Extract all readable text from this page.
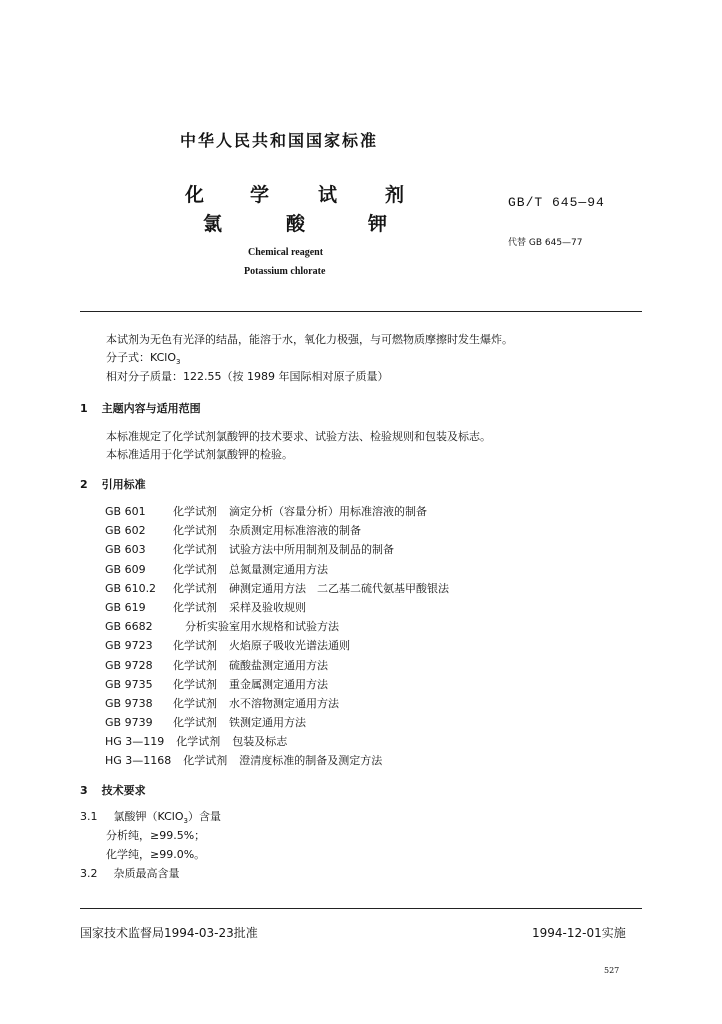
中华人民共和国国家标准
化 学	试	剂
氯	酸	钾
GB/T 645—94
代替 GB 645—77
Chemical reagent
Potassium chlorate
本试剂为无色有光泽的结晶，能溶于水，氧化力极强，与可燃物质摩擦时发生爆炸。
分子式：KClO$_3$
相对分子质量：122.55（按 1989 年国际相对原子质量）
1 主题内容与适用范围
本标准规定了化学试剂氯酸钾的技术要求、试验方法、检验规则和包装及标志。
本标准适用于化学试剂氯酸钾的检验。
2 引用标准
GB 601 化学试剂 滴定分析（容量分析）用标准溶液的制备
GB 602 化学试剂 杂质测定用标准溶液的制备
GB 603 化学试剂 试验方法中所用制剂及制品的制备
GB 609 化学试剂 总氮量测定通用方法
GB 610.2 化学试剂 砷测定通用方法　二乙基二硫代氨基甲酸银法
GB 619 化学试剂 采样及验收规则
GB 6682	分析实验室用水规格和试验方法
GB 9723 化学试剂 火焰原子吸收光谱法通则
GB 9728 化学试剂 硫酸盐测定通用方法
GB 9735 化学试剂 重金属测定通用方法
GB 9738 化学试剂 水不溶物测定通用方法
GB 9739 化学试剂 铁测定通用方法
HG 3—119 化学试剂 包装及标志
HG 3—1168 化学试剂 澄清度标准的制备及测定方法
3 技术要求
3.1 氯酸钾（KClO$_3$）含量
分析纯，≥99.5%；
化学纯，≥99.0%。
3.2 杂质最高含量
国家技术监督局1994-03-23批准	1994-12-01实施
527
